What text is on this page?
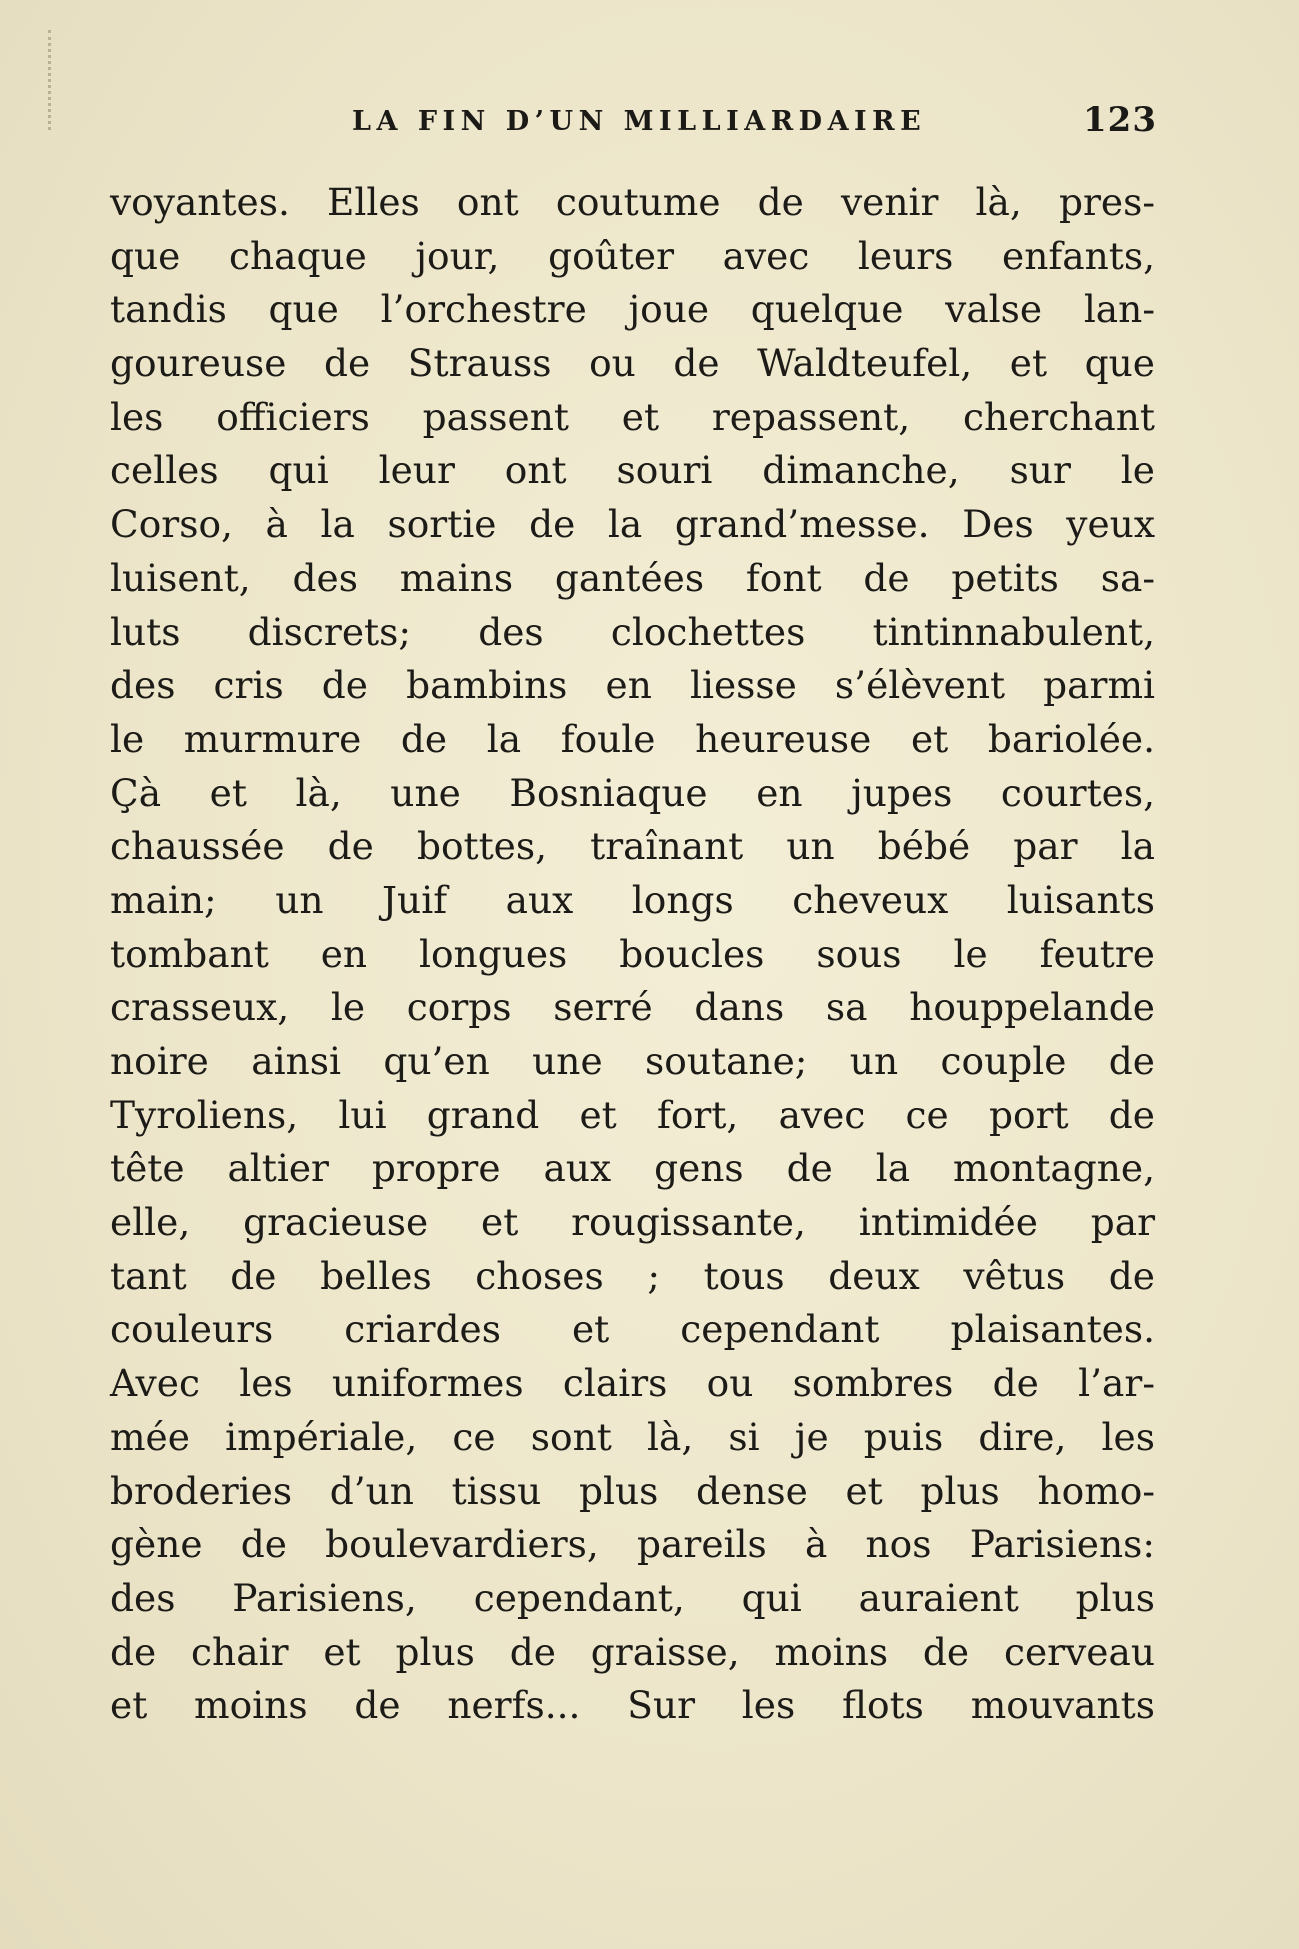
LA FIN D’UN MILLIARDAIRE	123
voyantes. Elles ont coutume de venir là, pres-
que chaque jour, goûter avec leurs enfants,
tandis que l’orchestre joue quelque valse lan-
goureuse de Strauss ou de Waldteufel, et que
les officiers passent et repassent, cherchant
celles qui leur ont souri dimanche, sur le
Corso, à la sortie de la grand’messe. Des yeux
luisent, des mains gantées font de petits sa-
luts discrets; des clochettes tintinnabulent,
des cris de bambins en liesse s’élèvent parmi
le murmure de la foule heureuse et bariolée.
Çà et là, une Bosniaque en jupes courtes,
chaussée de bottes, traînant un bébé par la
main; un Juif aux longs cheveux luisants
tombant en longues boucles sous le feutre
crasseux, le corps serré dans sa houppelande
noire ainsi qu’en une soutane; un couple de
Tyroliens, lui grand et fort, avec ce port de
tête altier propre aux gens de la montagne,
elle, gracieuse et rougissante, intimidée par
tant de belles choses ; tous deux vêtus de
couleurs criardes et cependant plaisantes.
Avec les uniformes clairs ou sombres de l’ar-
mée impériale, ce sont là, si je puis dire, les
broderies d’un tissu plus dense et plus homo-
gène de boulevardiers, pareils à nos Parisiens:
des Parisiens, cependant, qui auraient plus
de chair et plus de graisse, moins de cerveau
et moins de nerfs... Sur les flots mouvants
